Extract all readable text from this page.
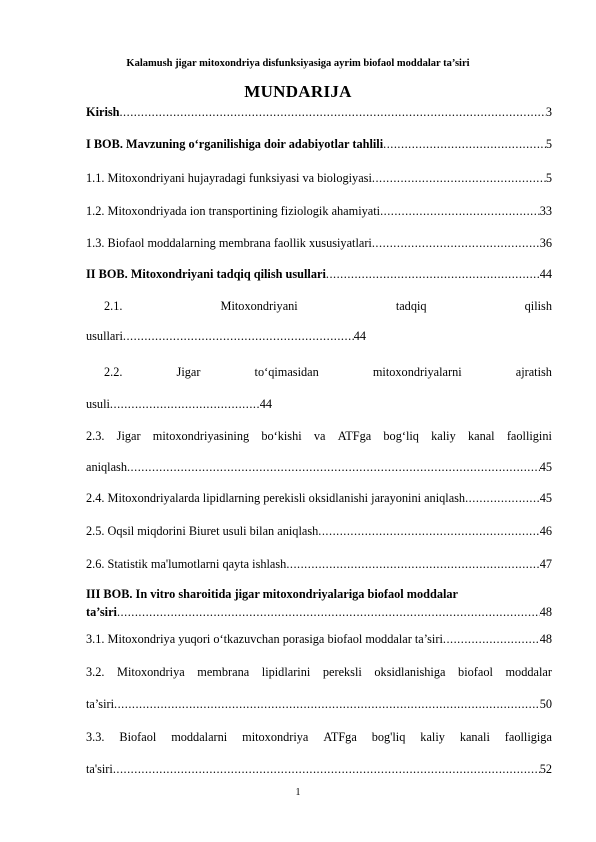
Kalamush jigar mitoxondriya disfunksiyasiga ayrim biofaol moddalar ta’siri
MUNDARIJA
Kirish .....	3
I BOB. Mavzuning o‘rganilishiga doir adabiyotlar tahlili .....	5
1.1. Mitoxondriyani hujayradagi funksiyasi va biologiyasi .....	5
1.2. Mitoxondriyada ion transportining fiziologik ahamiyati .....	33
1.3. Biofaol moddalarning membrana faollik xususiyatlari .....	36
II BOB. Mitoxondriyani tadqiq qilish usullari .....	44
2.1.	Mitoxondriyani	tadqiq	qilish
usullari .....	44
2.2.	Jigar	to‘qimasidan	mitoxondriyalarni	ajratish
usuli .....	44
2.3. Jigar mitoxondriyasining bo‘kishi va ATFga bog‘liq kaliy kanal faolligini
aniqlash .....	45
2.4. Mitoxondriyalarda lipidlarning perekisli oksidlanishi jarayonini aniqlash .....	45
2.5. Oqsil miqdorini Biuret usuli bilan aniqlash .....	46
2.6. Statistik ma'lumotlarni qayta ishlash .....	47
III BOB. In vitro sharoitida jigar mitoxondriyalariga biofaol moddalar
ta’siri .....	48
3.1. Mitoxondriya yuqori o‘tkazuvchan porasiga biofaol moddalar ta’siri .....	48
3.2. Mitoxondriya membrana lipidlarini pereksli oksidlanishiga biofaol moddalar
ta’siri .....	50
3.3. Biofaol moddalarni mitoxondriya ATFga bog'liq kaliy kanali faolligiga
ta'siri .....	52
1
